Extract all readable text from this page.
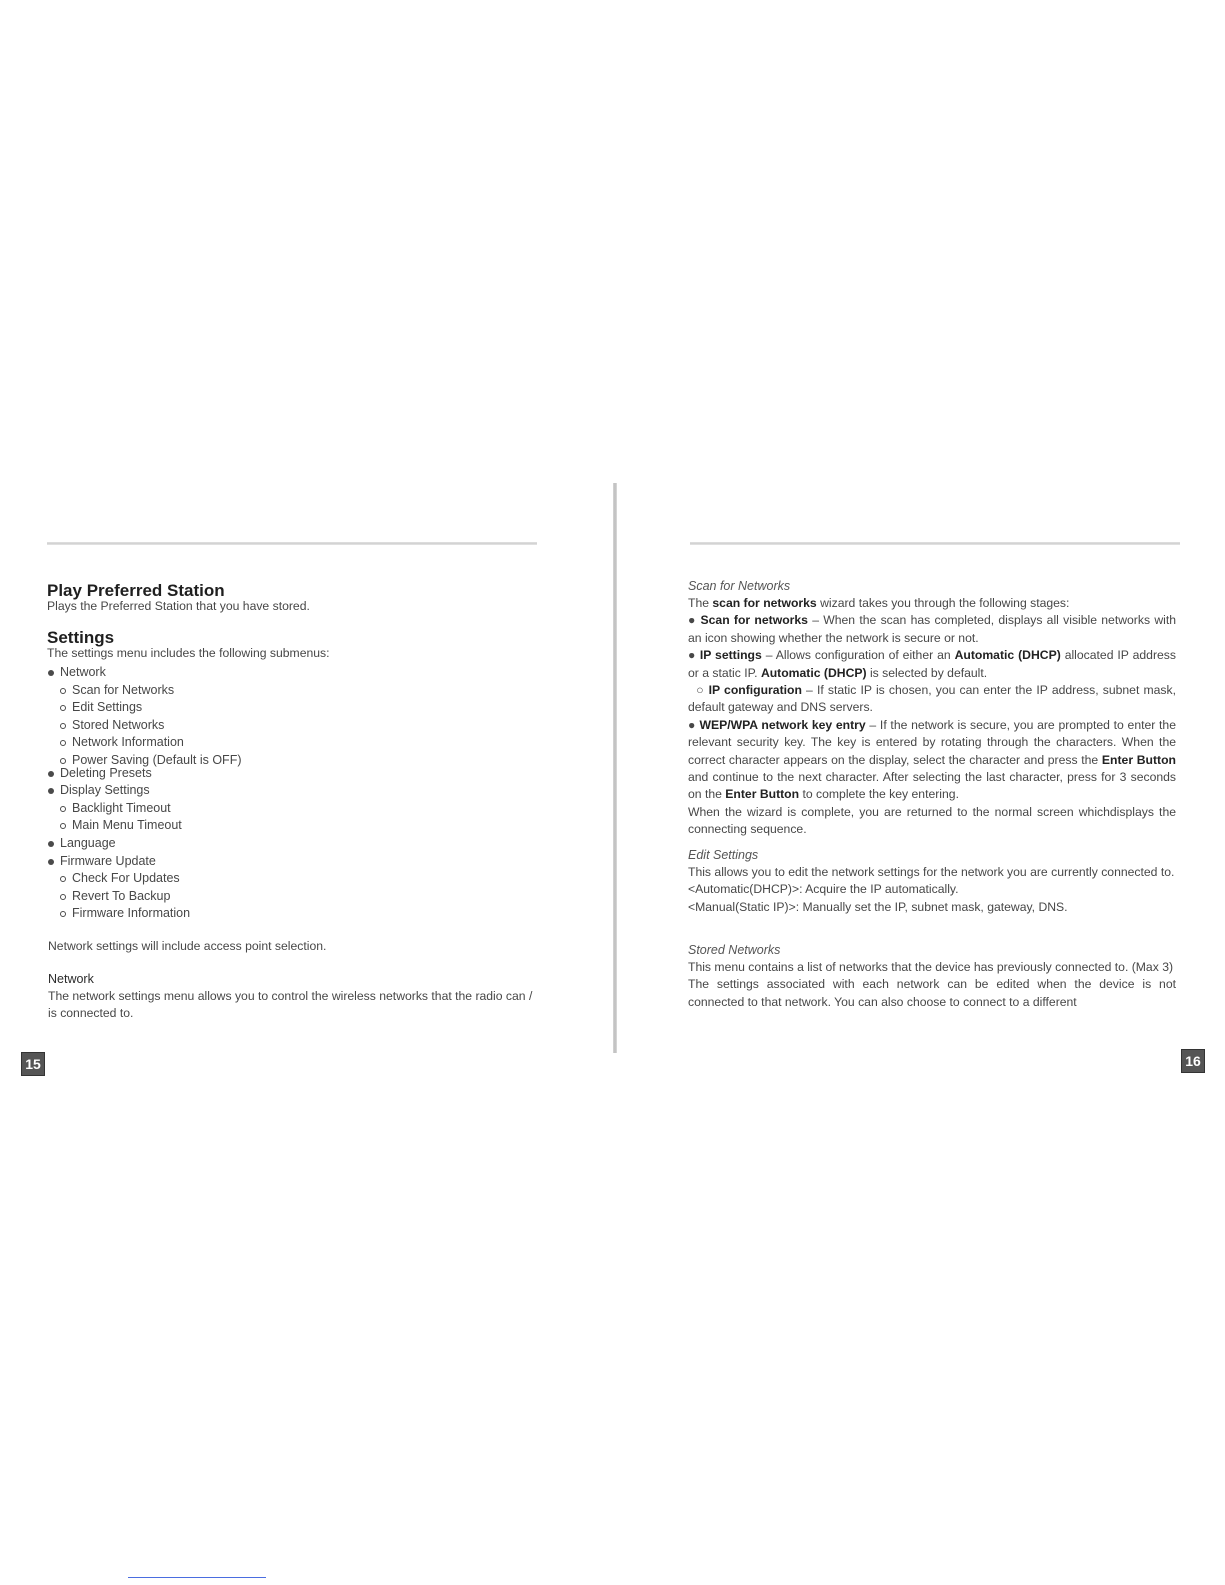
Play Preferred Station

Plays the Preferred Station that you have stored.

Settings

The settings menu includes the following submenus:

Network
Scan for Networks
Edit Settings
Stored Networks
Network Information
Power Saving (Default is OFF)
Deleting Presets
Display Settings
Backlight Timeout
Main Menu Timeout
Language
Firmware Update
Check For Updates
Revert To Backup
Firmware Information

Network settings will include access point selection.

Network

The network settings menu allows you to control the wireless networks that the radio can / is connected to.

15

Scan for Networks

The scan for networks wizard takes you through the following stages:

● Scan for networks – When the scan has completed, displays all visible networks with an icon showing whether the network is secure or not.

● IP settings – Allows configuration of either an Automatic (DHCP) allocated IP address or a static IP. Automatic (DHCP) is selected by default.

○ IP configuration – If static IP is chosen, you can enter the IP address, subnet mask, default gateway and DNS servers.

● WEP/WPA network key entry – If the network is secure, you are prompted to enter the relevant security key. The key is entered by rotating through the characters. When the correct character appears on the display, select the character and press the Enter Button and continue to the next character. After selecting the last character, press for 3 seconds on the Enter Button to complete the key entering.

When the wizard is complete, you are returned to the normal screen whichdisplays the connecting sequence.

Edit Settings

This allows you to edit the network settings for the network you are currently connected to.

<Automatic(DHCP)>: Acquire the IP automatically.

<Manual(Static IP)>: Manually set the IP, subnet mask, gateway, DNS.

Stored Networks

This menu contains a list of networks that the device has previously connected to. (Max 3)

The settings associated with each network can be edited when the device is not connected to that network. You can also choose to connect to a different

16
